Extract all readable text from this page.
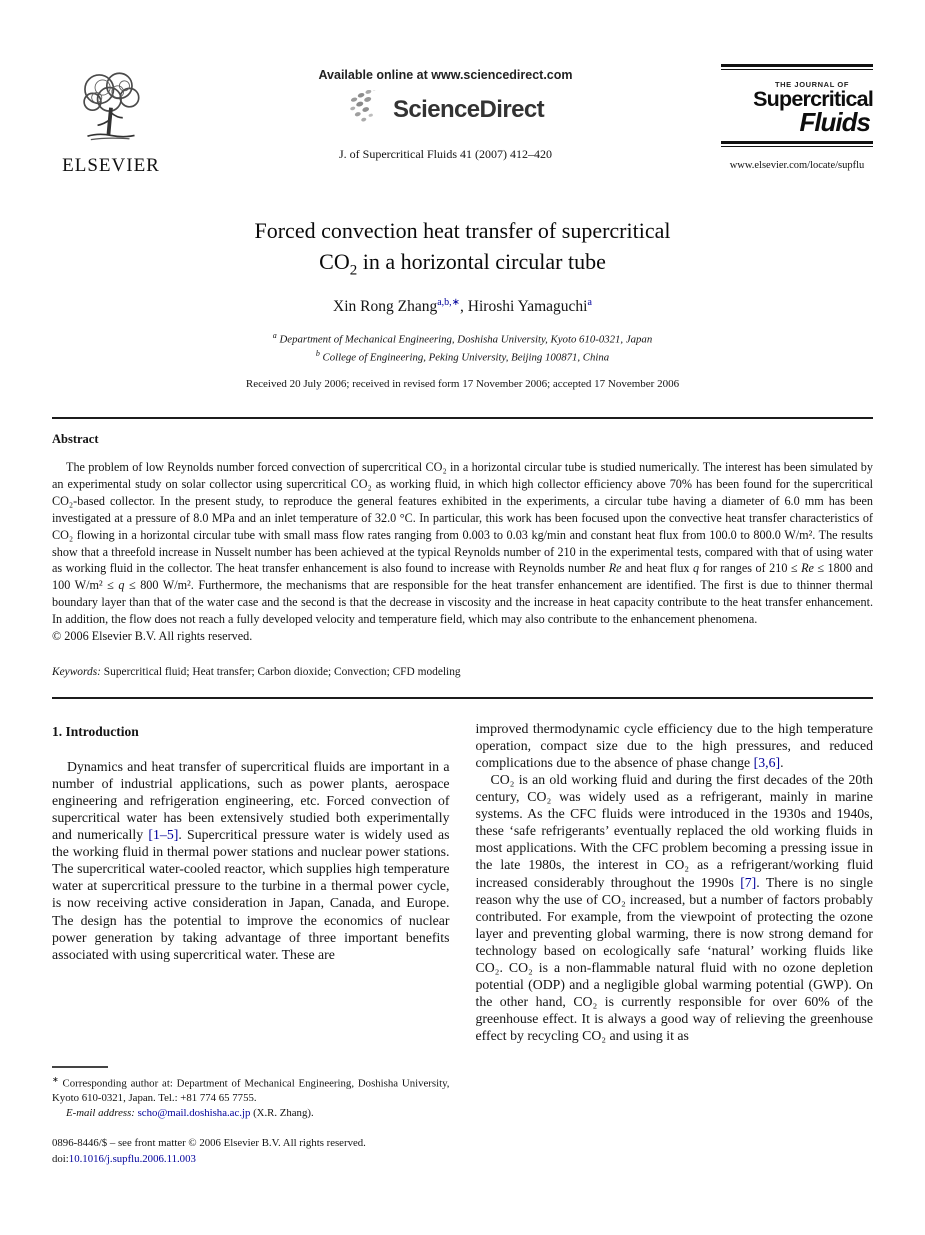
ELSEVIER
Available online at www.sciencedirect.com
ScienceDirect
J. of Supercritical Fluids 41 (2007) 412–420
THE JOURNAL OF
Supercritical
Fluids
www.elsevier.com/locate/supflu
Forced convection heat transfer of supercritical
$CO_2$ in a horizontal circular tube
Xin Rong Zhang$^{a,b,∗}$, Hiroshi Yamaguchi$^a$
$^a$ Department of Mechanical Engineering, Doshisha University, Kyoto 610-0321, Japan
$^b$ College of Engineering, Peking University, Beijing 100871, China
Received 20 July 2006; received in revised form 17 November 2006; accepted 17 November 2006
Abstract
The problem of low Reynolds number forced convection of supercritical CO₂ in a horizontal circular tube is studied numerically. The interest has been simulated by an experimental study on solar collector using supercritical CO₂ as working fluid, in which high collector efficiency above 70% has been found for the supercritical CO₂-based collector. In the present study, to reproduce the general features exhibited in the experiments, a circular tube having a diameter of 6.0 mm has been investigated at a pressure of 8.0 MPa and an inlet temperature of 32.0 °C. In particular, this work has been focused upon the convective heat transfer characteristics of CO₂ flowing in a horizontal circular tube with small mass flow rates ranging from 0.003 to 0.03 kg/min and constant heat flux from 100.0 to 800.0 W/m². The results show that a threefold increase in Nusselt number has been achieved at the typical Reynolds number of 210 in the experimental tests, compared with that of using water as working fluid in the collector. The heat transfer enhancement is also found to increase with Reynolds number Re and heat flux q for ranges of 210 ≤ Re ≤ 1800 and 100 W/m² ≤ q ≤ 800 W/m². Furthermore, the mechanisms that are responsible for the heat transfer enhancement are identified. The first is due to thinner thermal boundary layer than that of the water case and the second is that the decrease in viscosity and the increase in heat capacity contribute to the heat transfer enhancement. In addition, the flow does not reach a fully developed velocity and temperature field, which may also contribute to the enhancement phenomena.
© 2006 Elsevier B.V. All rights reserved.
Keywords: Supercritical fluid; Heat transfer; Carbon dioxide; Convection; CFD modeling
1. Introduction
Dynamics and heat transfer of supercritical fluids are important in a number of industrial applications, such as power plants, aerospace engineering and refrigeration engineering, etc. Forced convection of supercritical water has been extensively studied both experimentally and numerically [1–5]. Supercritical pressure water is widely used as the working fluid in thermal power stations and nuclear power stations. The supercritical water-cooled reactor, which supplies high temperature water at supercritical pressure to the turbine in a thermal power cycle, is now receiving active consideration in Japan, Canada, and Europe. The design has the potential to improve the economics of nuclear power generation by taking advantage of three important benefits associated with using supercritical water. These are
∗ Corresponding author at: Department of Mechanical Engineering, Doshisha University, Kyoto 610-0321, Japan. Tel.: +81 774 65 7755.
E-mail address: scho@mail.doshisha.ac.jp (X.R. Zhang).
0896-8446/$ – see front matter © 2006 Elsevier B.V. All rights reserved.
doi:10.1016/j.supflu.2006.11.003
improved thermodynamic cycle efficiency due to the high temperature operation, compact size due to the high pressures, and reduced complications due to the absence of phase change [3,6].
CO₂ is an old working fluid and during the first decades of the 20th century, CO₂ was widely used as a refrigerant, mainly in marine systems. As the CFC fluids were introduced in the 1930s and 1940s, these ‘safe refrigerants’ eventually replaced the old working fluids in most applications. With the CFC problem becoming a pressing issue in the late 1980s, the interest in CO₂ as a refrigerant/working fluid increased considerably throughout the 1990s [7]. There is no single reason why the use of CO₂ increased, but a number of factors probably contributed. For example, from the viewpoint of protecting the ozone layer and preventing global warming, there is now strong demand for technology based on ecologically safe ‘natural’ working fluids like CO₂. CO₂ is a non-flammable natural fluid with no ozone depletion potential (ODP) and a negligible global warming potential (GWP). On the other hand, CO₂ is currently responsible for over 60% of the greenhouse effect. It is always a good way of relieving the greenhouse effect by recycling CO₂ and using it as
